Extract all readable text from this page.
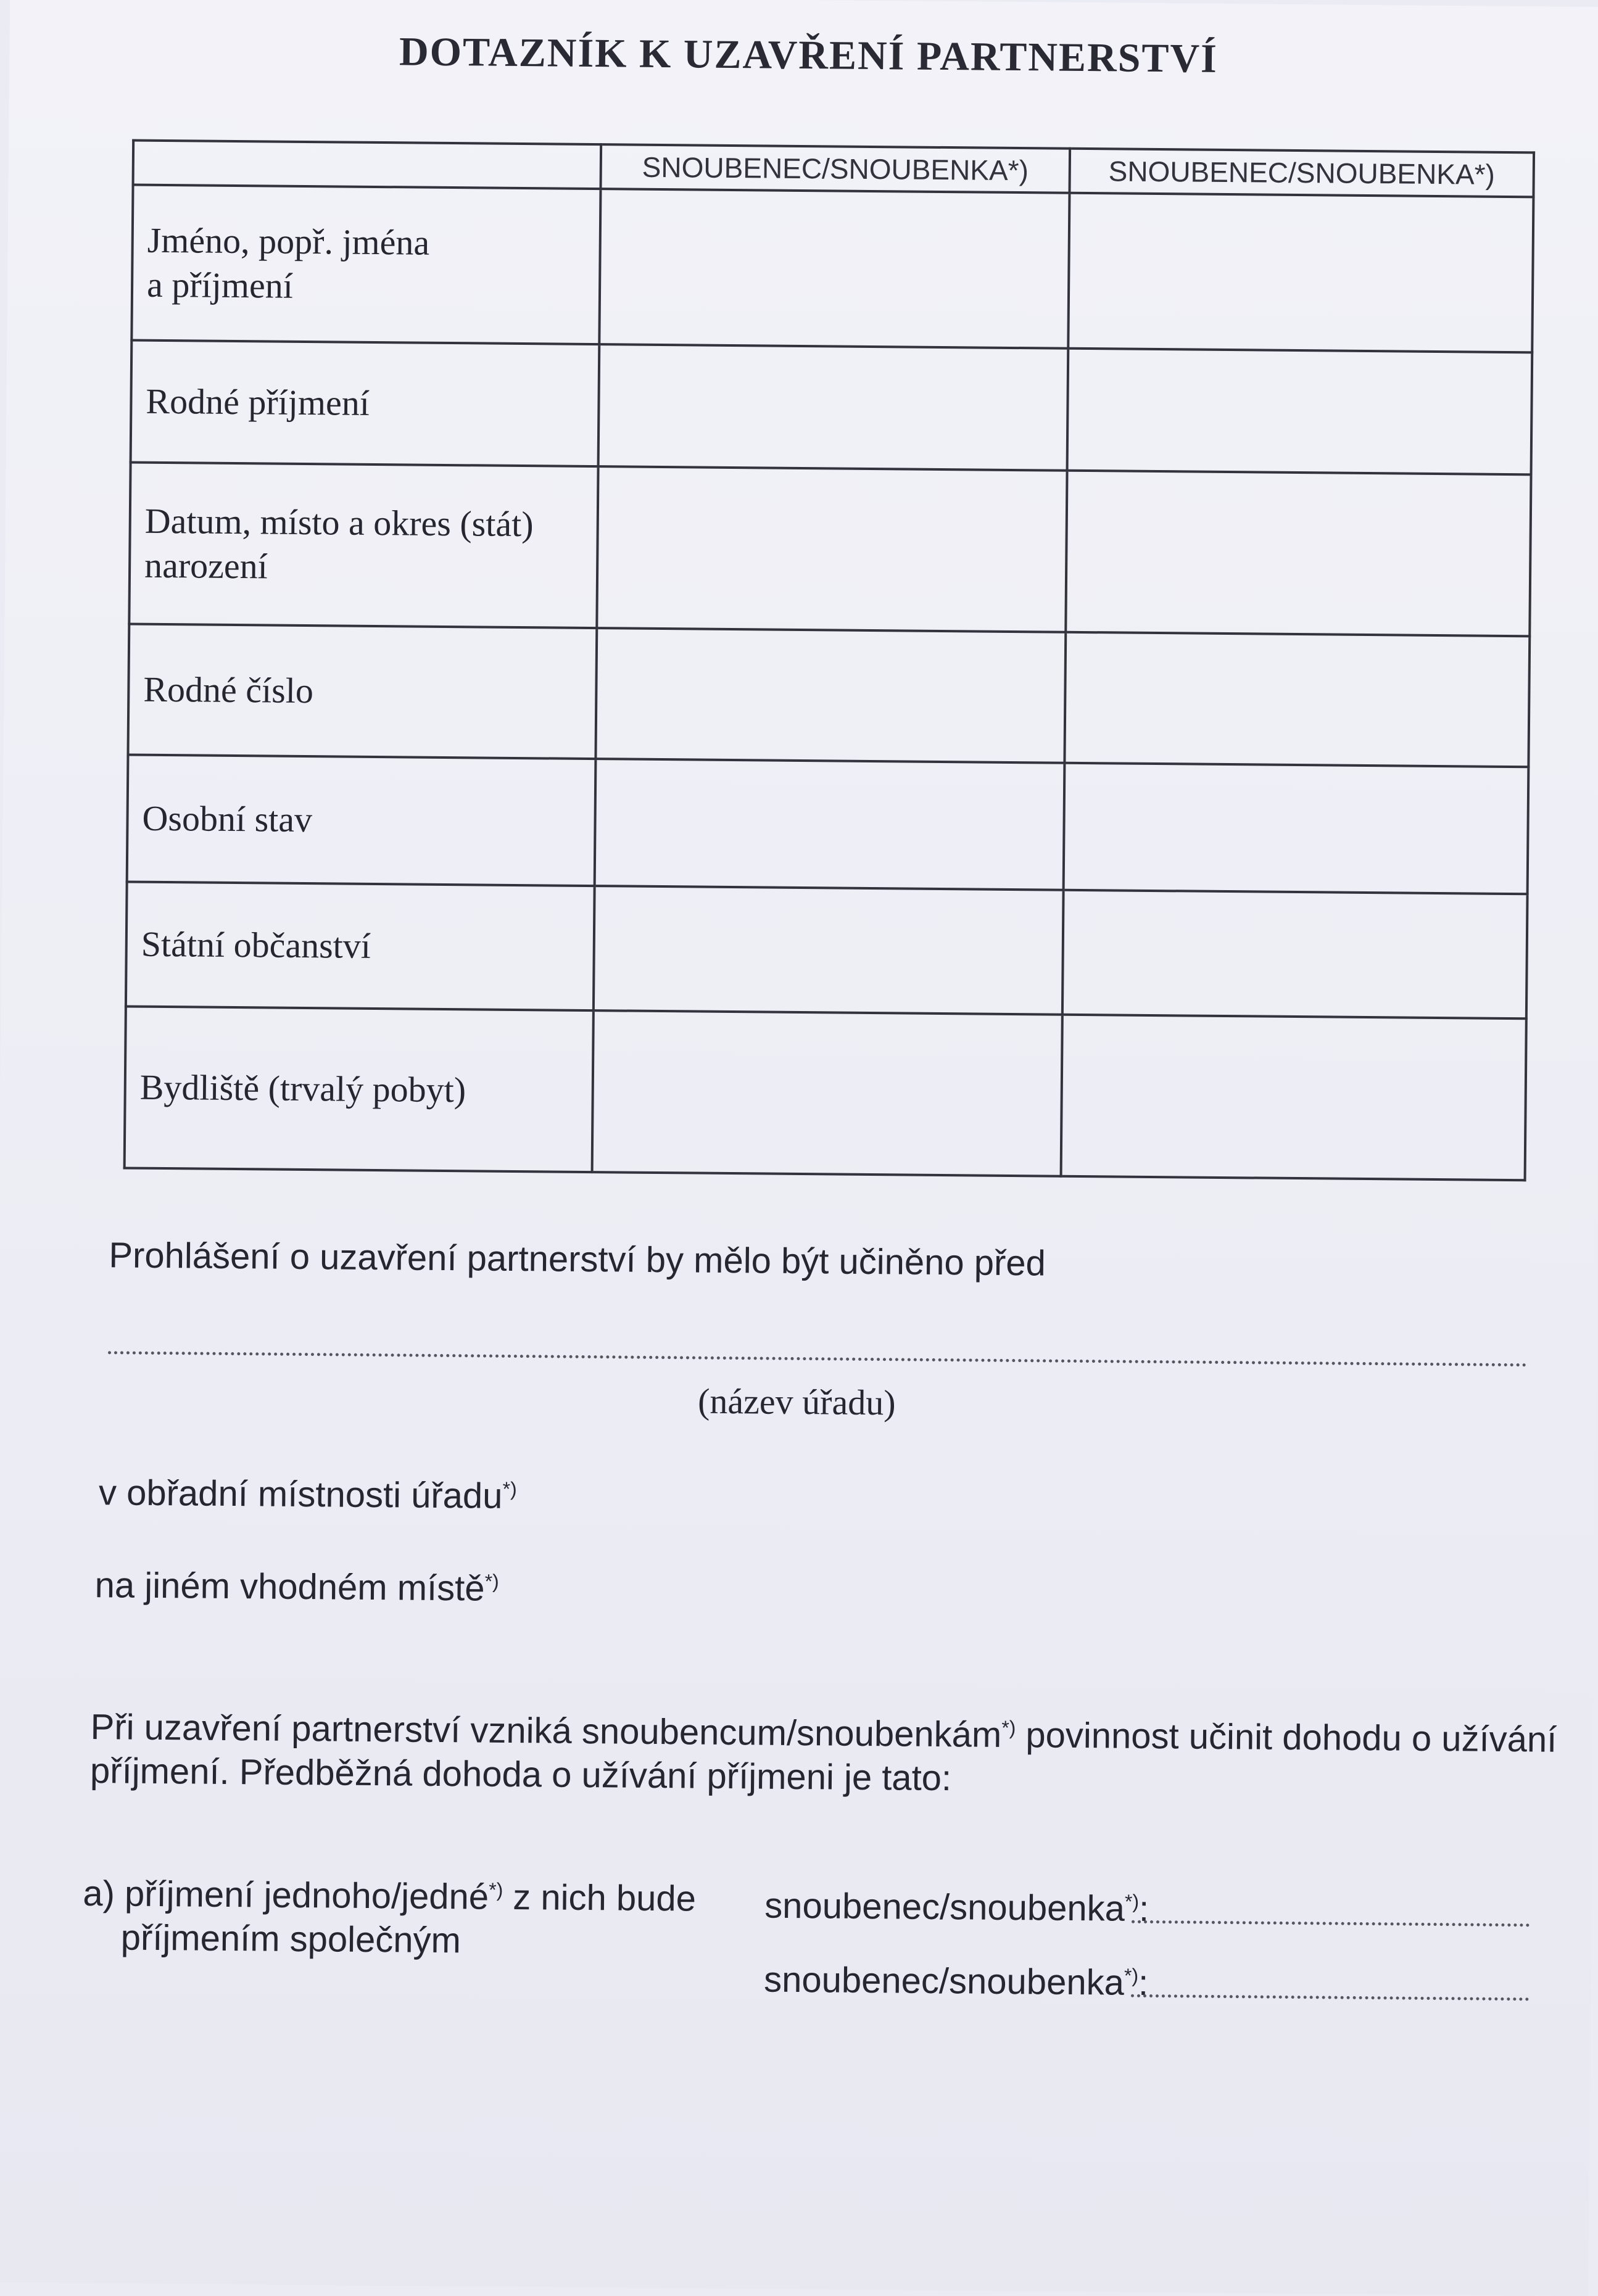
DOTAZNÍK K UZAVŘENÍ PARTNERSTVÍ
	SNOUBENEC/SNOUBENKA*)	SNOUBENEC/SNOUBENKA*)

Jméno, popř. jména
a příjmení		

Rodné příjmení		

Datum, místo a okres (stát)
narození		

Rodné číslo		

Osobní stav		

Státní občanství		

Bydliště (trvalý pobyt)		

Prohlášení o uzavření partnerství by mělo být učiněno před
(název úřadu)
v obřadní místnosti úřadu*)
na jiném vhodném místě*)
Při uzavření partnerství vzniká snoubencum/snoubenkám*) povinnost učinit dohodu o užívání
příjmení. Předběžná dohoda o užívání příjmeni je tato:
a) příjmení jednoho/jedné*) z nich bude
příjmením společným
snoubenec/snoubenka*):
snoubenec/snoubenka*):
